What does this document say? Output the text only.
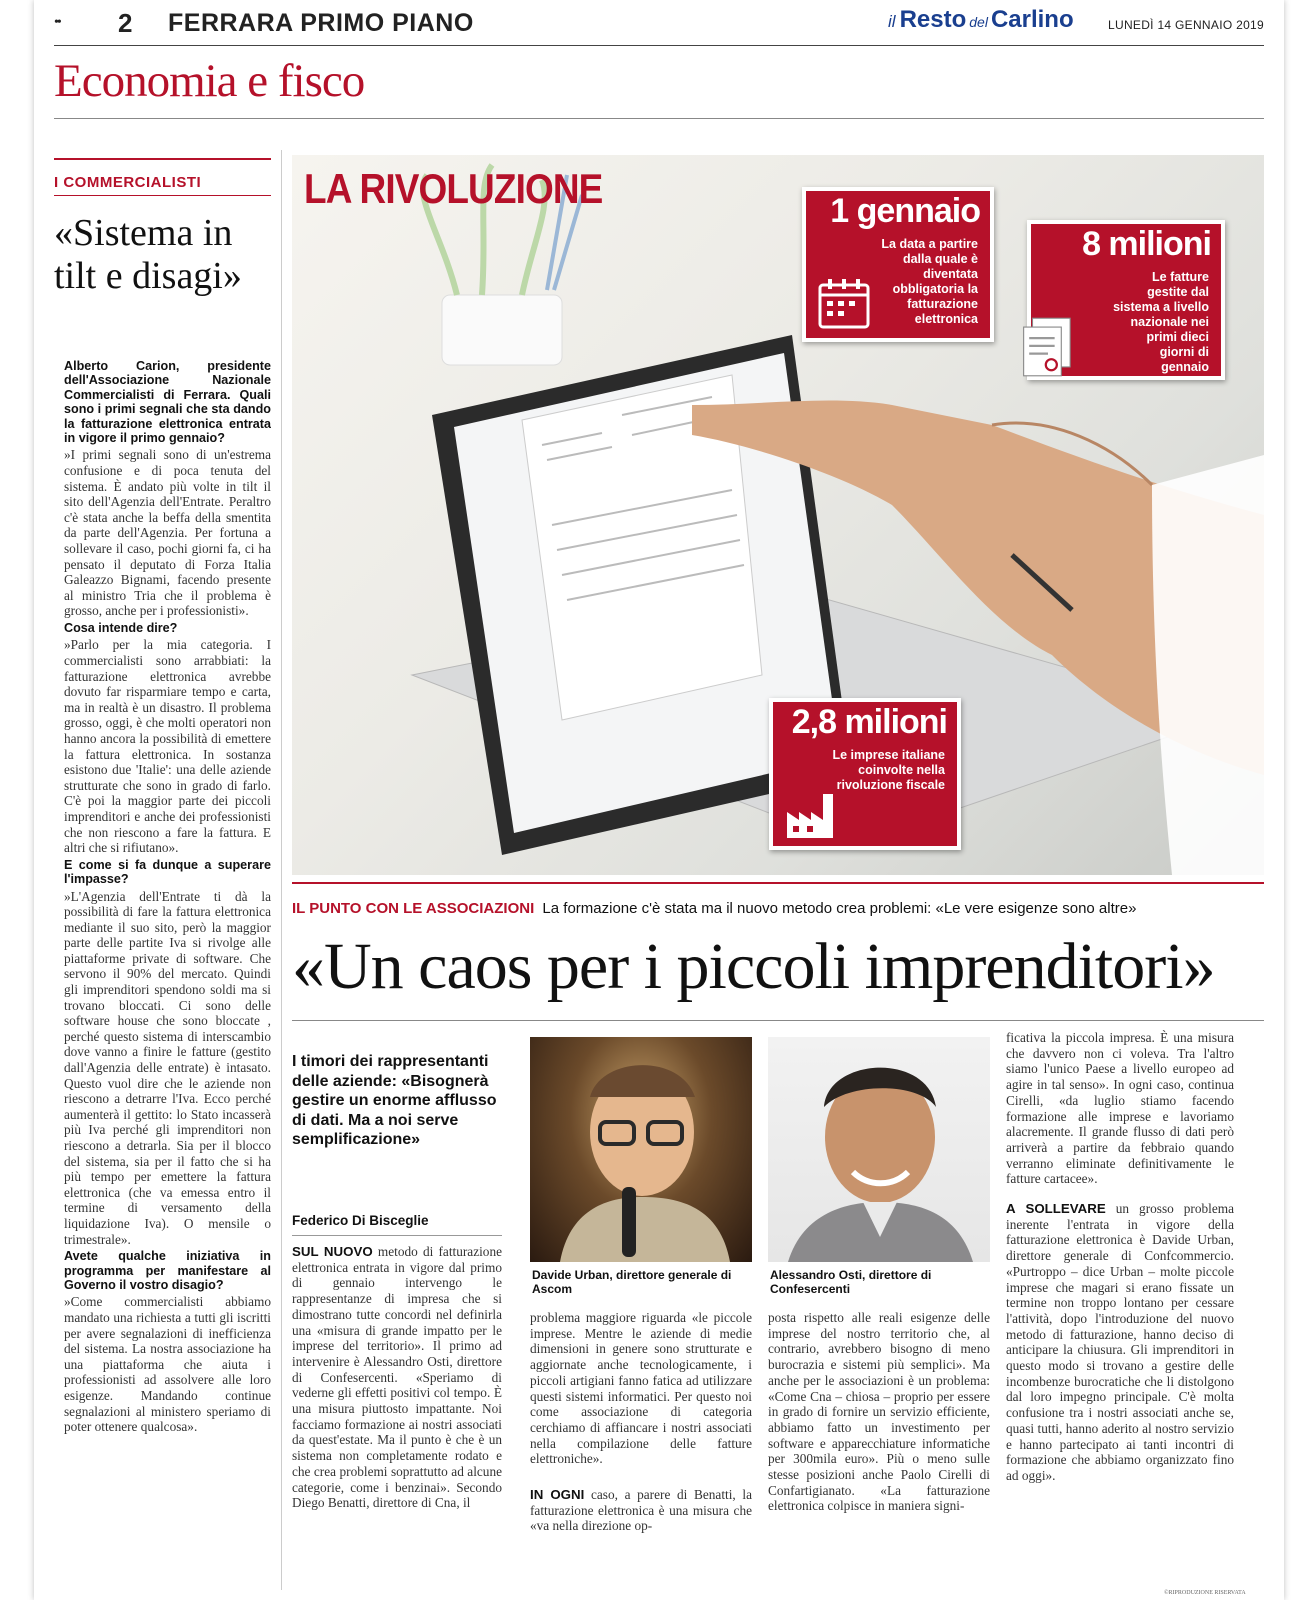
••	2	FERRARA PRIMO PIANO	il Resto del Carlino	LUNEDÌ 14 GENNAIO 2019
Economia e fisco
I COMMERCIALISTI
«Sistema in tilt e disagi»
Alberto Carion, presidente dell'Associazione Nazionale Commercialisti di Ferrara. Quali sono i primi segnali che sta dando la fatturazione elettronica entrata in vigore il primo gennaio?
»I primi segnali sono di un'estrema confusione e di poca tenuta del sistema. È andato più volte in tilt il sito dell'Agenzia dell'Entrate. Peraltro c'è stata anche la beffa della smentita da parte dell'Agenzia. Per fortuna a sollevare il caso, pochi giorni fa, ci ha pensato il deputato di Forza Italia Galeazzo Bignami, facendo presente al ministro Tria che il problema è grosso, anche per i professionisti».
Cosa intende dire?
»Parlo per la mia categoria. I commercialisti sono arrabbiati: la fatturazione elettronica avrebbe dovuto far risparmiare tempo e carta, ma in realtà è un disastro. Il problema grosso, oggi, è che molti operatori non hanno ancora la possibilità di emettere la fattura elettronica. In sostanza esistono due 'Italie': una delle aziende strutturate che sono in grado di farlo. C'è poi la maggior parte dei piccoli imprenditori e anche dei professionisti che non riescono a fare la fattura. E altri che si rifiutano».
E come si fa dunque a superare l'impasse?
»L'Agenzia dell'Entrate ti dà la possibilità di fare la fattura elettronica mediante il suo sito, però la maggior parte delle partite Iva si rivolge alle piattaforme private di software. Che servono il 90% del mercato. Quindi gli imprenditori spendono soldi ma si trovano bloccati. Ci sono delle software house che sono bloccate , perché questo sistema di interscambio dove vanno a finire le fatture (gestito dall'Agenzia delle entrate) è intasato. Questo vuol dire che le aziende non riescono a detrarre l'Iva. Ecco perché aumenterà il gettito: lo Stato incasserà più Iva perché gli imprenditori non riescono a detrarla. Sia per il blocco del sistema, sia per il fatto che si ha più tempo per emettere la fattura elettronica (che va emessa entro il termine di versamento della liquidazione Iva). O mensile o trimestrale».
Avete qualche iniziativa in programma per manifestare al Governo il vostro disagio?
»Come commercialisti abbiamo mandato una richiesta a tutti gli iscritti per avere segnalazioni di inefficienza del sistema. La nostra associazione ha una piattaforma che aiuta i professionisti ad assolvere alle loro esigenze. Mandando continue segnalazioni al ministero speriamo di poter ottenere qualcosa».
LA RIVOLUZIONE	1 gennaio
La data a partire dalla quale è diventata obbligatoria la fatturazione elettronica
8 milioni
Le fatture gestite dal sistema a livello nazionale nei primi dieci giorni di gennaio
2,8 milioni
Le imprese italiane coinvolte nella rivoluzione fiscale
IL PUNTO CON LE ASSOCIAZIONI La formazione c'è stata ma il nuovo metodo crea problemi: «Le vere esigenze sono altre»
«Un caos per i piccoli imprenditori»
I timori dei rappresentanti delle aziende: «Bisognerà gestire un enorme afflusso di dati. Ma a noi serve semplificazione»
Federico Di Bisceglie
SUL NUOVO metodo di fatturazione elettronica entrata in vigore dal primo di gennaio intervengo le rappresentanze di impresa che si dimostrano tutte concordi nel definirla una «misura di grande impatto per le imprese del territorio». Il primo ad intervenire è Alessandro Osti, direttore di Confesercenti. «Speriamo di vederne gli effetti positivi col tempo. È una misura piuttosto impattante. Noi facciamo formazione ai nostri associati da quest'estate. Ma il punto è che è un sistema non completamente rodato e che crea problemi soprattutto ad alcune categorie, come i benzinai». Secondo Diego Benatti, direttore di Cna, il
Davide Urban, direttore generale di Ascom
Alessandro Osti, direttore di Confesercenti
problema maggiore riguarda «le piccole imprese. Mentre le aziende di medie dimensioni in genere sono strutturate e aggiornate anche tecnologicamente, i piccoli artigiani fanno fatica ad utilizzare questi sistemi informatici. Per questo noi come associazione di categoria cerchiamo di affiancare i nostri associati nella compilazione delle fatture elettroniche».
IN OGNI caso, a parere di Benatti, la fatturazione elettronica è una misura che «va nella direzione op-
posta rispetto alle reali esigenze delle imprese del nostro territorio che, al contrario, avrebbero bisogno di meno burocrazia e sistemi più semplici». Ma anche per le associazioni è un problema: «Come Cna – chiosa – proprio per essere in grado di fornire un servizio efficiente, abbiamo fatto un investimento per software e apparecchiature informatiche per 300mila euro». Più o meno sulle stesse posizioni anche Paolo Cirelli di Confartigianato. «La fatturazione elettronica colpisce in maniera signi-
ficativa la piccola impresa. È una misura che davvero non ci voleva. Tra l'altro siamo l'unico Paese a livello europeo ad agire in tal senso». In ogni caso, continua Cirelli, «da luglio stiamo facendo formazione alle imprese e lavoriamo alacremente. Il grande flusso di dati però arriverà a partire da febbraio quando verranno eliminate definitivamente le fatture cartacee».
A SOLLEVARE un grosso problema inerente l'entrata in vigore della fatturazione elettronica è Davide Urban, direttore generale di Confcommercio. «Purtroppo – dice Urban – molte piccole imprese che magari si erano fissate un termine non troppo lontano per cessare l'attività, dopo l'introduzione del nuovo metodo di fatturazione, hanno deciso di anticipare la chiusura. Gli imprenditori in questo modo si trovano a gestire delle incombenze burocratiche che li distolgono dal loro impegno principale. C'è molta confusione tra i nostri associati anche se, quasi tutti, hanno aderito al nostro servizio e hanno partecipato ai tanti incontri di formazione che abbiamo organizzato fino ad oggi».
©RIPRODUZIONE RISERVATA
